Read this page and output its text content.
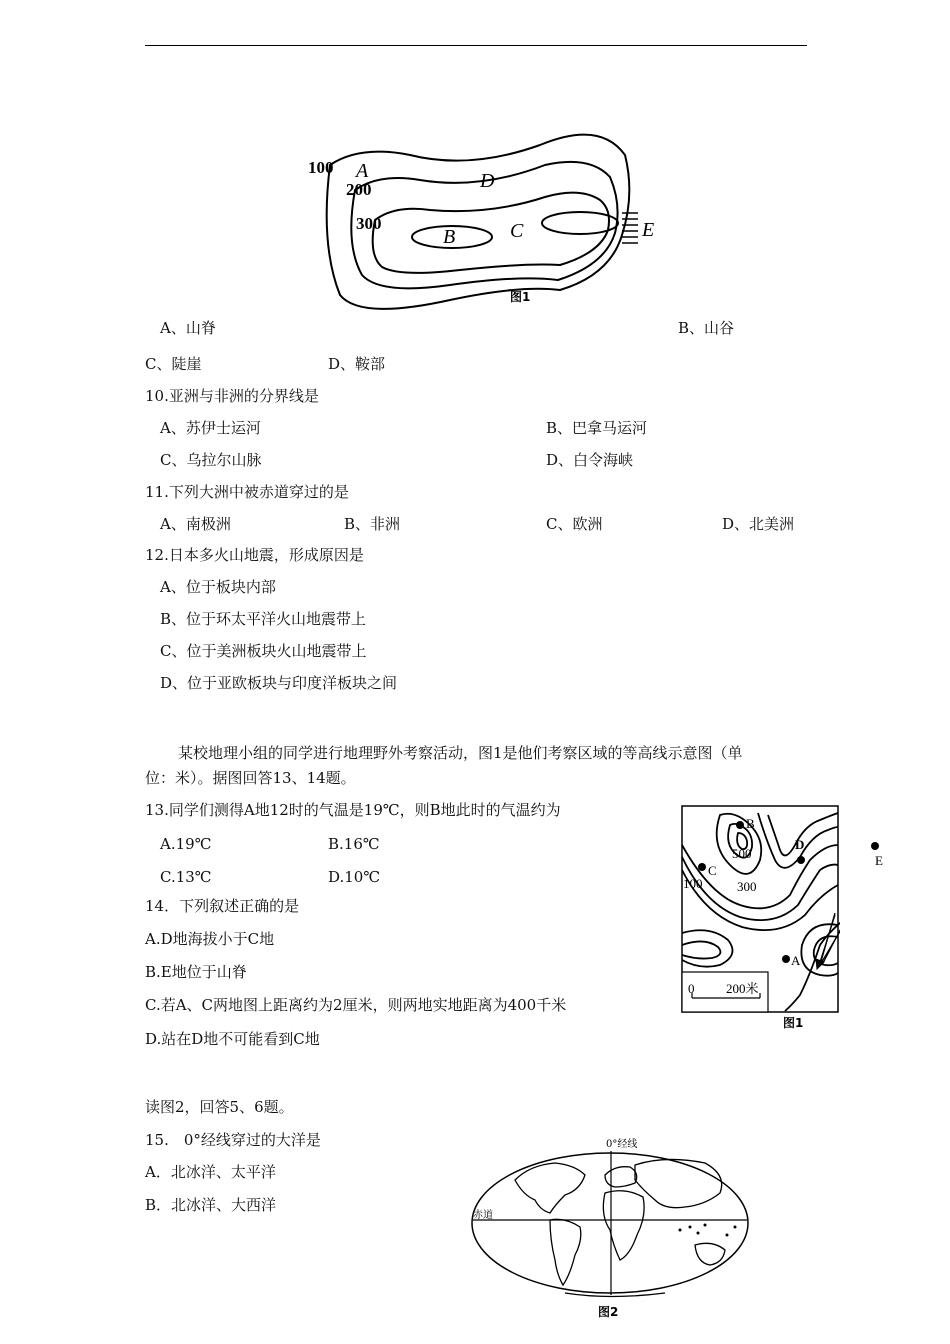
100
200
300
A	D
B	C	E
图1
A、山脊	B、山谷
C、陡崖	D、鞍部
10.亚洲与非洲的分界线是
A、苏伊士运河	B、巴拿马运河
C、乌拉尔山脉	D、白令海峡
11.下列大洲中被赤道穿过的是
A、南极洲	B、非洲	C、欧洲	D、北美洲
12.日本多火山地震，形成原因是
A、位于板块内部
B、位于环太平洋火山地震带上
C、位于美洲板块火山地震带上
D、位于亚欧板块与印度洋板块之间
某校地理小组的同学进行地理野外考察活动，图1是他们考察区域的等高线示意图（单
位：米）。据图回答13、14题。
13.同学们测得A地12时的气温是19℃，则B地此时的气温约为
A.19℃	B.16℃
C.13℃	D.10℃
14．下列叙述正确的是
A.D地海拔小于C地
B.E地位于山脊
C.若A、C两地图上距离约为2厘米，则两地实地距离为400千米
D.站在D地不可能看到C地
B
500
D
C
100	300
A
0 200米
图1
E
读图2，回答5、6题。
15.　0°经线穿过的大洋是
A．北冰洋、太平洋
B．北冰洋、大西洋
0°经线
赤道
图2
